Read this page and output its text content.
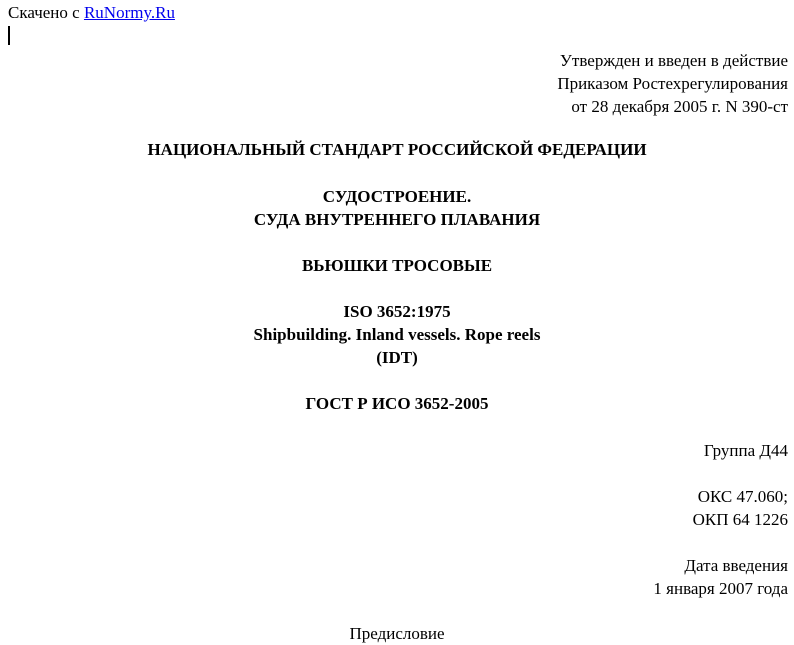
Скачено с RuNormy.Ru
Утвержден и введен в действие
Приказом Ростехрегулирования
от 28 декабря 2005 г. N 390-ст
НАЦИОНАЛЬНЫЙ СТАНДАРТ РОССИЙСКОЙ ФЕДЕРАЦИИ
СУДОСТРОЕНИЕ.
СУДА ВНУТРЕННЕГО ПЛАВАНИЯ
ВЬЮШКИ ТРОСОВЫЕ
ISO 3652:1975
Shipbuilding. Inland vessels. Rope reels
(IDT)
ГОСТ Р ИСО 3652-2005
Группа Д44
ОКС 47.060;
ОКП 64 1226
Дата введения
1 января 2007 года
Предисловие
